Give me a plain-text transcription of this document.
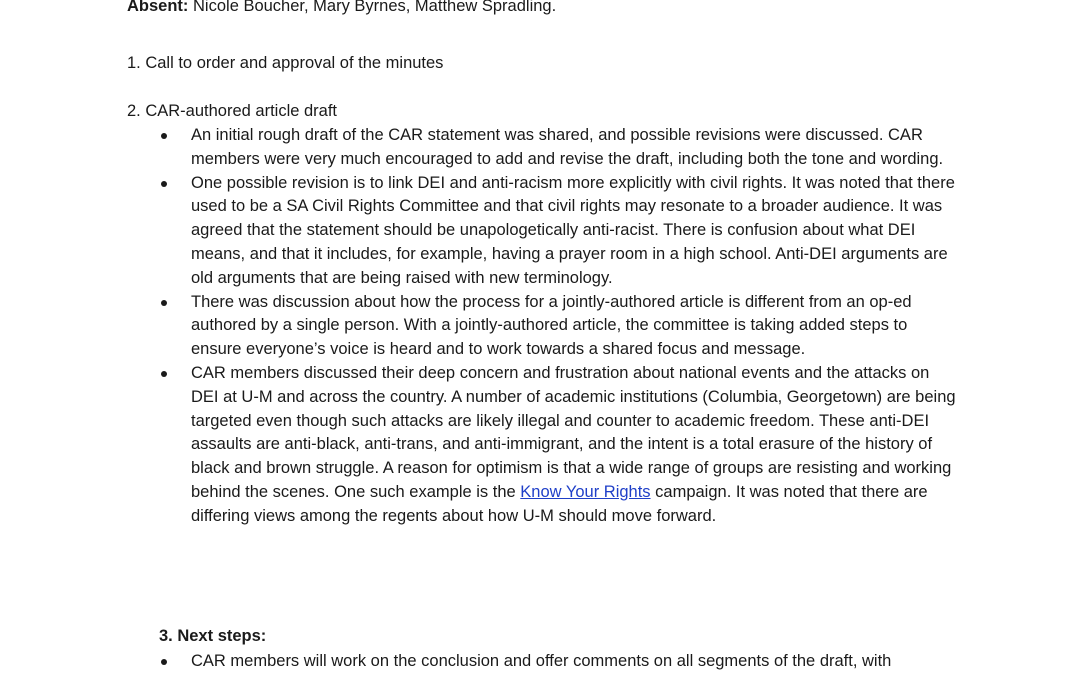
Absent: Nicole Boucher, Mary Byrnes, Matthew Spradling.
1. Call to order and approval of the minutes
2. CAR-authored article draft
An initial rough draft of the CAR statement was shared, and possible revisions were discussed. CAR members were very much encouraged to add and revise the draft, including both the tone and wording.
One possible revision is to link DEI and anti-racism more explicitly with civil rights. It was noted that there used to be a SA Civil Rights Committee and that civil rights may resonate to a broader audience. It was agreed that the statement should be unapologetically anti-racist. There is confusion about what DEI means, and that it includes, for example, having a prayer room in a high school. Anti-DEI arguments are old arguments that are being raised with new terminology.
There was discussion about how the process for a jointly-authored article is different from an op-ed authored by a single person. With a jointly-authored article, the committee is taking added steps to ensure everyone’s voice is heard and to work towards a shared focus and message.
CAR members discussed their deep concern and frustration about national events and the attacks on DEI at U-M and across the country. A number of academic institutions (Columbia, Georgetown) are being targeted even though such attacks are likely illegal and counter to academic freedom. These anti-DEI assaults are anti-black, anti-trans, and anti-immigrant, and the intent is a total erasure of the history of black and brown struggle. A reason for optimism is that a wide range of groups are resisting and working behind the scenes. One such example is the Know Your Rights campaign. It was noted that there are differing views among the regents about how U-M should move forward.
3. Next steps:
CAR members will work on the conclusion and offer comments on all segments of the draft, with
